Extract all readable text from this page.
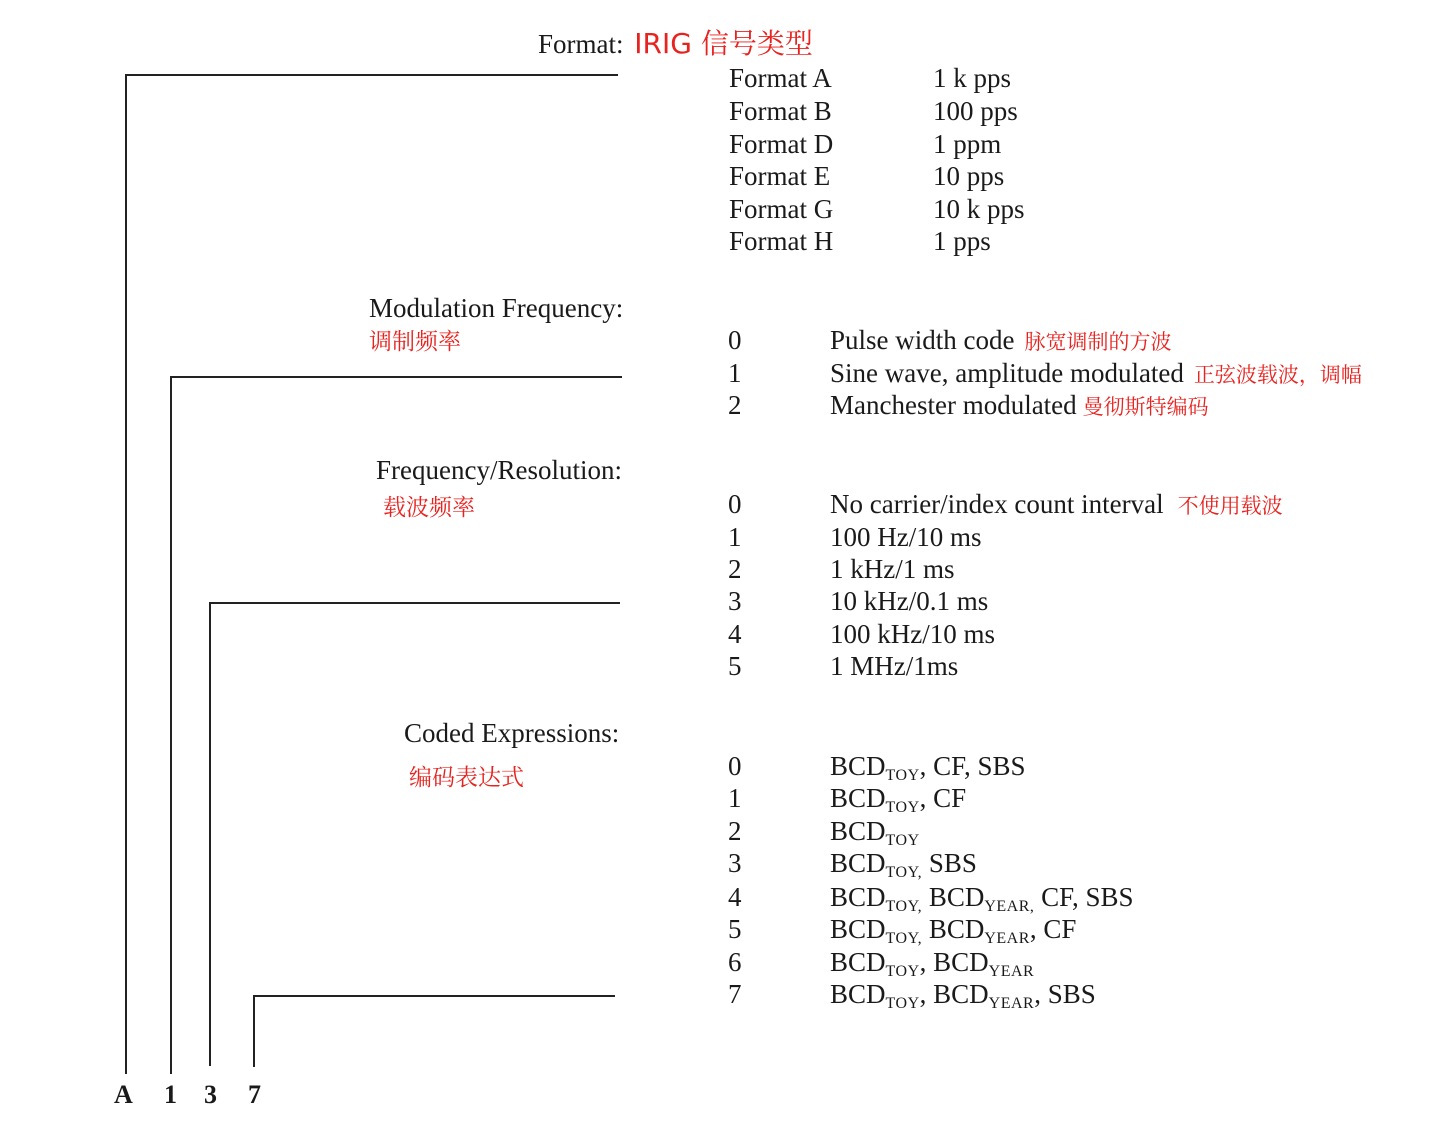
A 1 3 7
Format: IRIG 信号类型
Format A	1 k pps
Format B	100 pps
Format D	1 ppm
Format E	10 pps
Format G	10 k pps
Format H	1 pps
Modulation Frequency:
调制频率	0	Pulse width code 脉宽调制的方波
1	Sine wave, amplitude modulated 正弦波载波，调幅
2	Manchester modulated 曼彻斯特编码
Frequency/Resolution:
载波频率	0	No carrier/index count interval 不使用载波
1	100 Hz/10 ms
2	1 kHz/1 ms
3	10 kHz/0.1 ms
4	100 kHz/10 ms
5	1 MHz/1ms
Coded Expressions:
编码表达式	0	$BCD_{TOY}$, CF, SBS
1	$BCD_{TOY}$, CF
2	$BCD_{TOY}$
3	$BCD_{TOY,}$ SBS
4	$BCD_{TOY,}$ $BCD_{YEAR,}$ CF, SBS
5	$BCD_{TOY,}$ $BCD_{YEAR}$, CF
6	$BCD_{TOY}$, $BCD_{YEAR}$
7	$BCD_{TOY}$, $BCD_{YEAR}$, SBS
